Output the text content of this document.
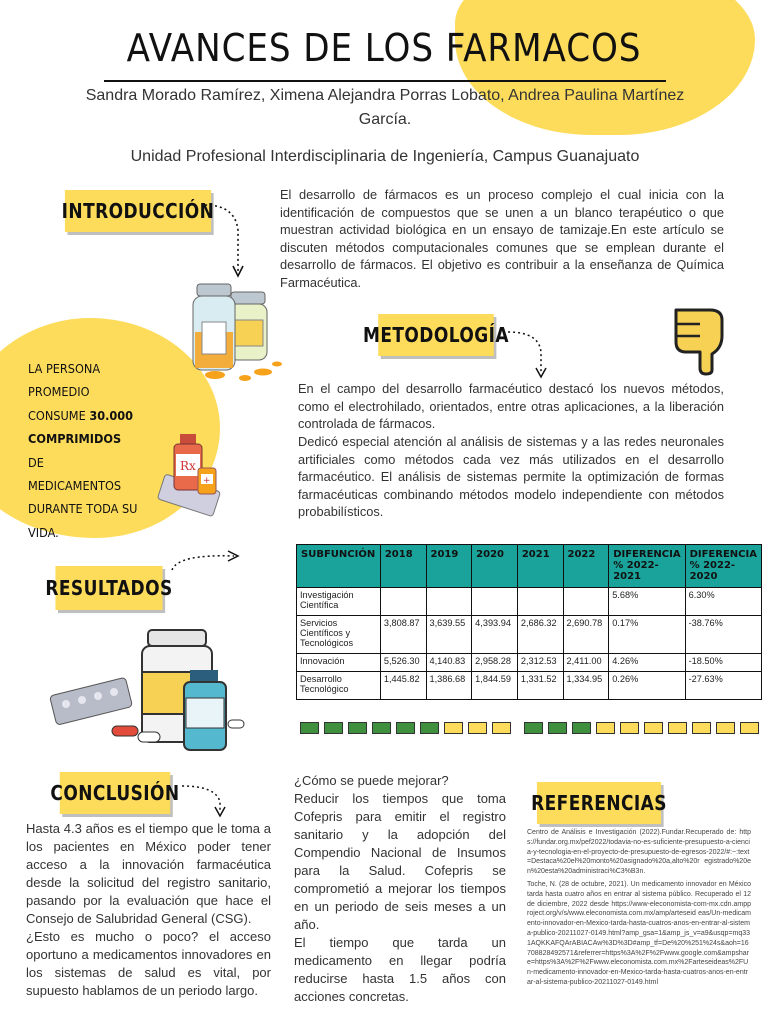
AVANCES DE LOS FARMACOS
Sandra Morado Ramírez, Ximena Alejandra Porras Lobato, Andrea Paulina Martínez García.
Unidad Profesional Interdisciplinaria de Ingeniería, Campus Guanajuato
INTRODUCCIÓN
El desarrollo de fármacos es un proceso complejo el cual inicia con la identificación de compuestos que se unen a un blanco terapéutico o que muestran actividad biológica en un ensayo de tamizaje.En este artículo se discuten métodos computacionales comunes que se emplean durante el desarrollo de fármacos. El objetivo es contribuir a la enseñanza de Química Farmacéutica.
LA PERSONA PROMEDIO CONSUME 30.000 COMPRIMIDOS DE MEDICAMENTOS DURANTE TODA SU VIDA.
Rx
+
METODOLOGÍA
En el campo del desarrollo farmacéutico destacó los nuevos métodos, como el electrohilado, orientados, entre otras aplicaciones, a la liberación controlada de fármacos.
Dedicó especial atención al análisis de sistemas y a las redes neuronales artificiales como métodos cada vez más utilizados en el desarrollo farmacéutico. El análisis de sistemas permite la optimización de formas farmacéuticas combinando métodos modelo independiente con métodos probabilísticos.
RESULTADOS
SUBFUNCIÓN	2018	2019	2020	2021	2022	DIFERENCIA % 2022-2021	DIFERENCIA % 2022-2020
Investigación Científica						5.68%	6.30%
Servicios Científicos y Tecnológicos	3,808.87	3,639.55	4,393.94	2,686.32	2,690.78	0.17%	-38.76%
Innovación	5,526.30	4,140.83	2,958.28	2,312.53	2,411.00	4.26%	-18.50%
Desarrollo Tecnológico	1,445.82	1,386.68	1,844.59	1,331.52	1,334.95	0.26%	-27.63%
CONCLUSIÓN
Hasta 4.3 años es el tiempo que le toma a los pacientes en México poder tener acceso a la innovación farmacéutica desde la solicitud del registro sanitario, pasando por la evaluación que hace el Consejo de Salubridad General (CSG).
¿Esto es mucho o poco? el acceso oportuno a medicamentos innovadores en los sistemas de salud es vital, por supuesto hablamos de un periodo largo.
¿Cómo se puede mejorar?
Reducir los tiempos que toma Cofepris para emitir el registro sanitario y la adopción del Compendio Nacional de Insumos para la Salud. Cofepris se comprometió a mejorar los tiempos en un periodo de seis meses a un año.
El tiempo que tarda un medicamento en llegar podría reducirse hasta 1.5 años con acciones concretas.
REFERENCIAS
Centro de Análisis e Investigación (2022).Fundar.Recuperado de: https://fundar.org.mx/pef2022/todavia-no-es-suficiente-presupuesto-a-ciencia-y-tecnologia-en-el-proyecto-de-presupuesto-de-egresos-2022/#:~:text=Destaca%20el%20monto%20asignado%20a,alto%20r egistrado%20en%20esta%20administraci%C3%B3n.
Toche, N. (28 de octubre, 2021). Un medicamento innovador en México tarda hasta cuatro años en entrar al sistema público. Recuperado el 12 de diciembre, 2022 desde https://www-eleconomista-com-mx.cdn.ampproject.org/v/s/www.eleconomista.com.mx/amp/arteseid eas/Un-medicamento-innovador-en-Mexico-tarda-hasta-cuatros-anos-en-entrar-al-sistema-publico-20211027-0149.html?amp_gsa=1&amp_js_v=a9&usqp=mq331AQKKAFQArABIACAw%3D%3D#amp_tf=De%20%251%24s&aoh=16708828492571&referrer=https%3A%2F%2Fwww.google.com&ampshare=https%3A%2F%2Fwww.eleconomista.com.mx%2Farteseideas%2FUn-medicamento-innovador-en-Mexico-tarda-hasta-cuatros-anos-en-entrar-al-sistema-publico-20211027-0149.html
